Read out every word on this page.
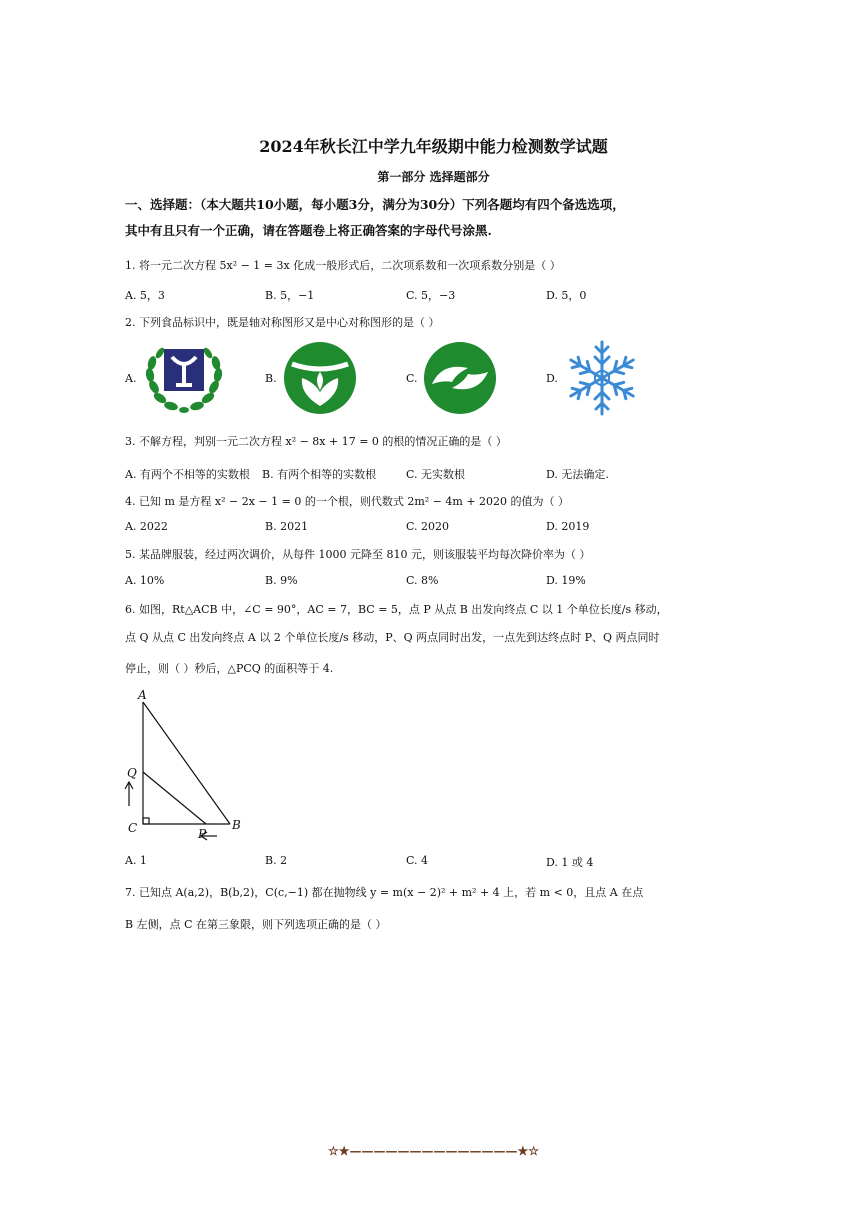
2024年秋长江中学九年级期中能力检测数学试题
第一部分 选择题部分
一、选择题：（本大题共10小题，每小题3分，满分为30分）下列各题均有四个备选选项，
其中有且只有一个正确，请在答题卷上将正确答案的字母代号涂黑.
1. 将一元二次方程 5x² − 1 = 3x 化成一般形式后，二次项系数和一次项系数分别是（ ）
A. 5，3	B. 5，−1	C. 5，−3	D. 5，0
2. 下列食品标识中，既是轴对称图形又是中心对称图形的是（ ）
A.	B.	C.	D.
3. 不解方程，判别一元二次方程 x² − 8x + 17 = 0 的根的情况正确的是（ ）
A. 有两个不相等的实数根 B. 有两个相等的实数根	C. 无实数根	D. 无法确定.
4. 已知 m 是方程 x² − 2x − 1 = 0 的一个根，则代数式 2m² − 4m + 2020 的值为（ ）
A. 2022	B. 2021	C. 2020	D. 2019
5. 某品牌服装，经过两次调价，从每件 1000 元降至 810 元，则该服装平均每次降价率为（ ）
A. 10%	B. 9%	C. 8%	D. 19%
6. 如图，Rt△ACB 中，∠C = 90°，AC = 7，BC = 5，点 P 从点 B 出发向终点 C 以 1 个单位长度/s 移动，
点 Q 从点 C 出发向终点 A 以 2 个单位长度/s 移动，P、Q 两点同时出发，一点先到达终点时 P、Q 两点同时
停止，则（ ）秒后，△PCQ 的面积等于 4.
A
Q
C	P
B
A. 1	B. 2	C. 4	D. 1 或 4
7. 已知点 A(a,2)，B(b,2)，C(c,−1) 都在抛物线 y = m(x − 2)² + m² + 4 上，若 m < 0，且点 A 在点
B 左侧，点 C 在第三象限，则下列选项正确的是（ ）
☆★——————————————★☆
